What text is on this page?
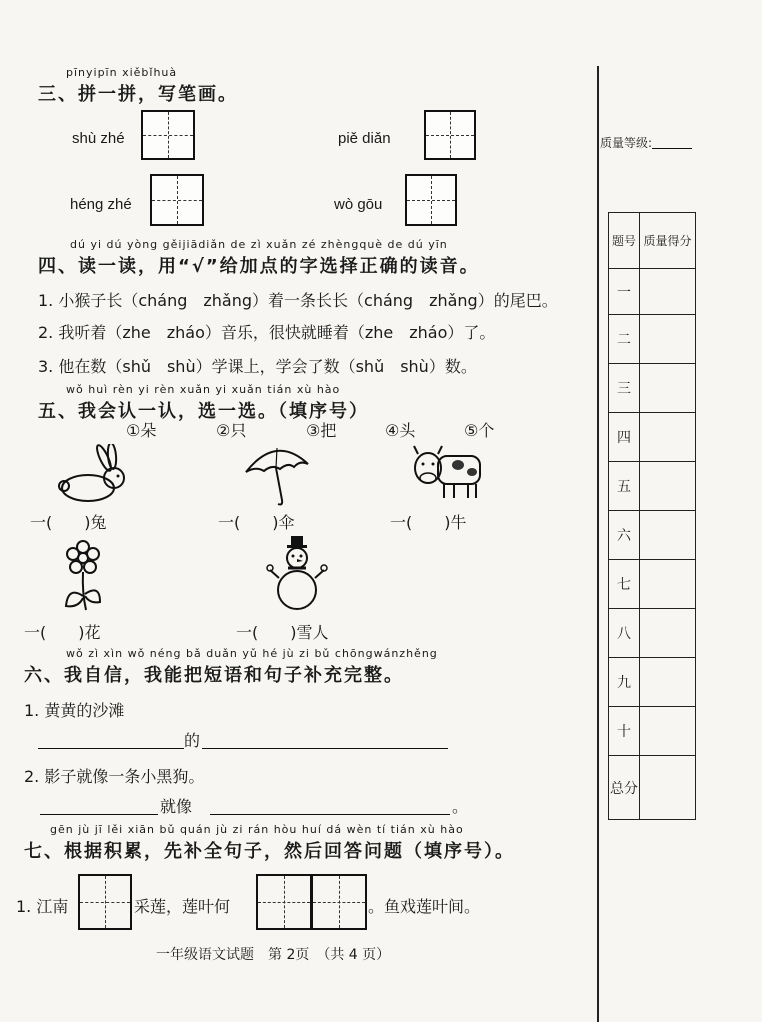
pīnyipīn xiěbǐhuà
三、拼一拼，写笔画。
shù zhé	piě diǎn
héng zhé	wò gōu
dú yi dú yòng gěijiādiǎn de zì xuǎn zé zhèngquè de dú yīn
四、读一读，用“√”给加点的字选择正确的读音。
1. 小猴子长（cháng　zhǎng）着一条长长（cháng　zhǎng）的尾巴。
2. 我听着（zhe　zháo）音乐，很快就睡着（zhe　zháo）了。
3. 他在数（shǔ　shù）学课上，学会了数（shǔ　shù）数。
wǒ huì rèn yi rèn xuǎn yi xuǎn tián xù hào
五、我会认一认，选一选。（填序号）
①朵	②只	③把	④头	⑤个
一(　　)兔	一(　　)伞	一(　　)牛
一(　　)花	一(　　)雪人
wǒ zì xìn wǒ néng bǎ duǎn yǔ hé jù zi bǔ chōngwánzhěng
六、我自信，我能把短语和句子补充完整。
1. 黄黄的沙滩
的
2. 影子就像一条小黑狗。
就像	。
gēn jù jī lěi xiān bǔ quán jù zi rán hòu huí dá wèn tí tián xù hào
七、根据积累，先补全句子，然后回答问题（填序号）。
1. 江南	采莲，莲叶何	。鱼戏莲叶间。
一年级语文试题　第 2页　（共 4 页）
质量等级:
题号	质量得分
一	
二	
三	
四	
五	
六	
七	
八	
九	
十	
总分	
